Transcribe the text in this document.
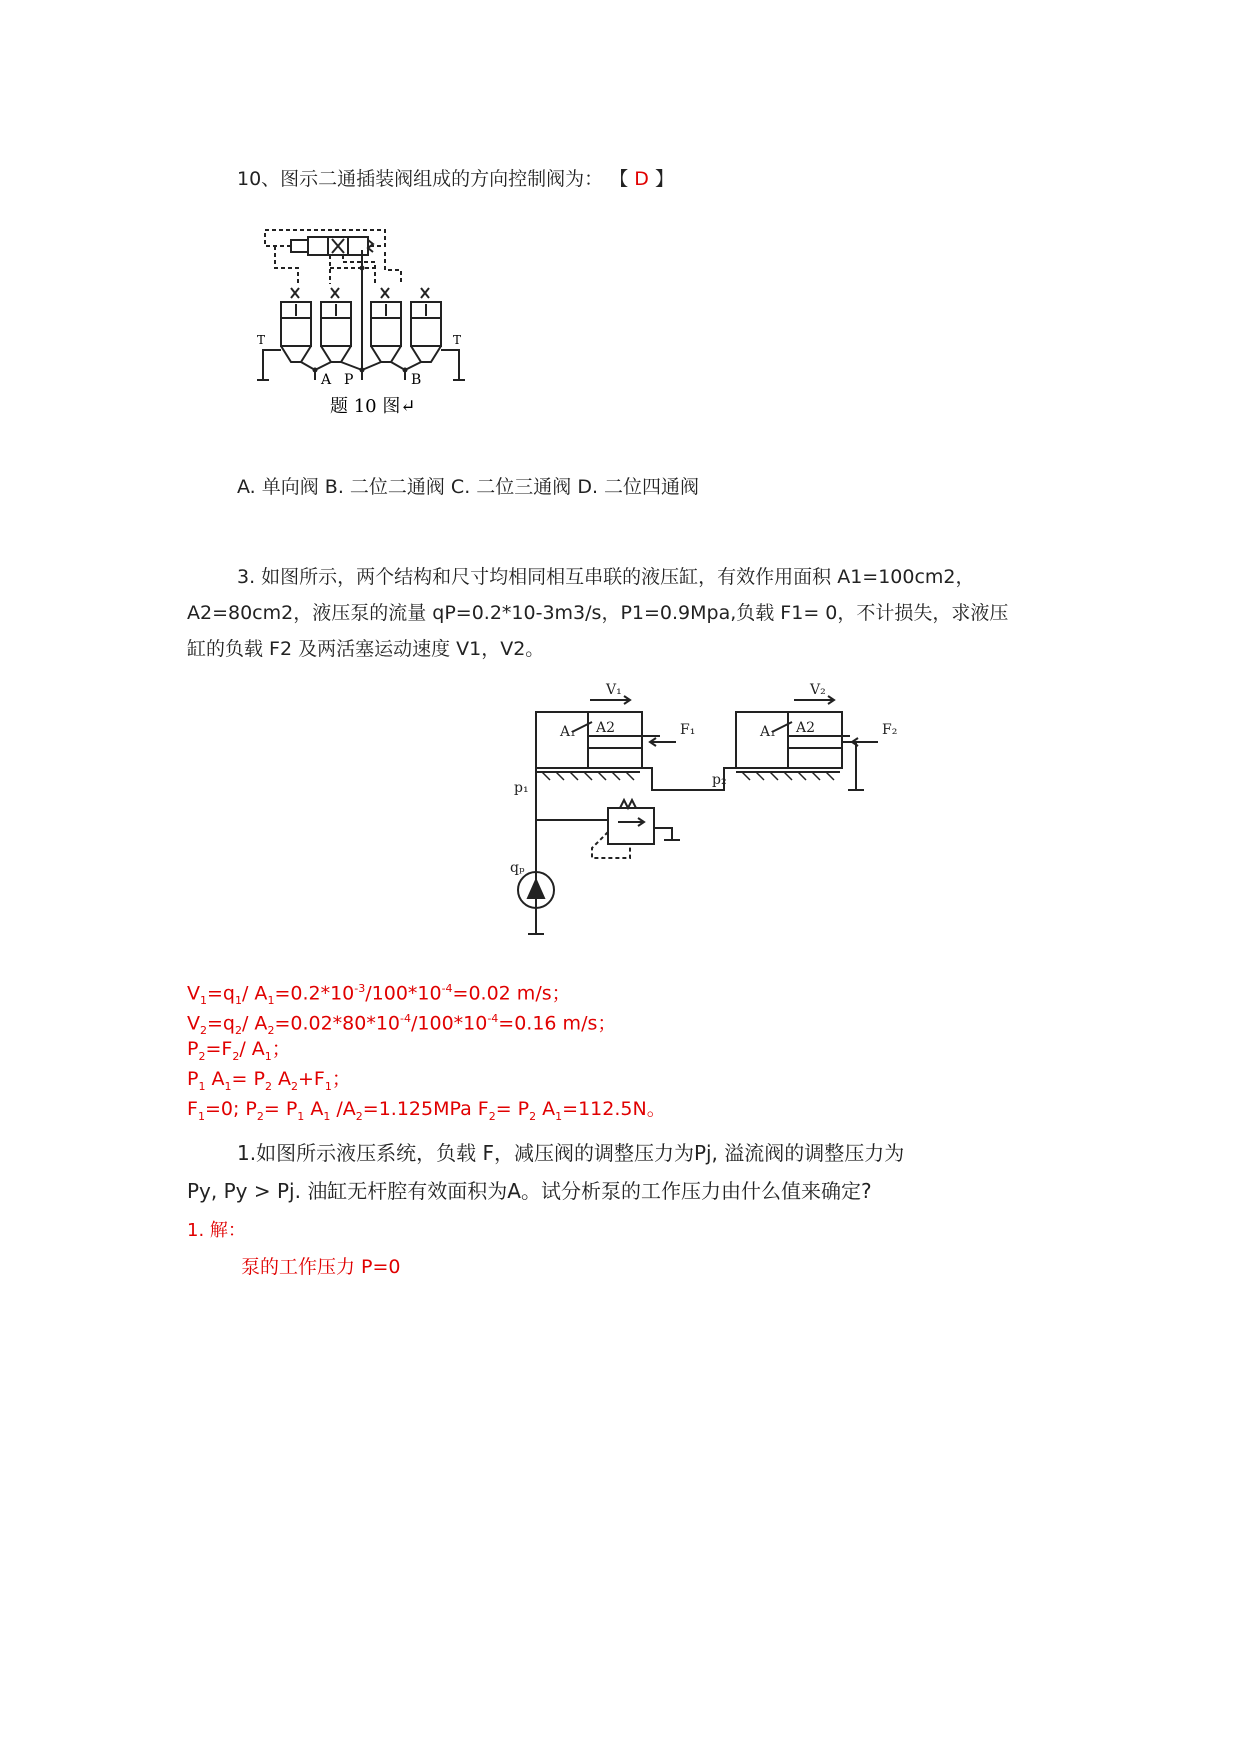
10、图示二通插装阀组成的方向控制阀为： 【 D 】
T	T
A P	B
题 10 图↵
A. 单向阀 B. 二位二通阀 C. 二位三通阀 D. 二位四通阀
3. 如图所示，两个结构和尺寸均相同相互串联的液压缸，有效作用面积 A1=100cm2，
A2=80cm2，液压泵的流量 qP=0.2*10-3m3/s，P1=0.9Mpa,负载 F1= 0，不计损失，求液压
缸的负载 F2 及两活塞运动速度 V1，V2。
V₁	V₂
A₁ A2	A₁ A2
F₁	F₂
p₁	p₂
qₚ
$V_1=q_1/$ $A_1=0.2*10^{-3}/100*10^{-4}=0.02$ m/s；
$V_2=q_2/$ $A_2=0.02*80*10^{-4}/100*10^{-4}=0.16$ m/s；
$P_2=F_2/$ $A_1$；
$P_1$ $A_1= P_2$ $A_2+F_1$；
$F_1=0$; $P_2= P_1$ $A_1$ $/A_2=1.125MPa$ $F_2= P_2$ $A_1=112.5N$。
1.如图所示液压系统，负载 F，减压阀的调整压力为Pj, 溢流阀的调整压力为
Py, Py > Pj. 油缸无杆腔有效面积为A。试分析泵的工作压力由什么值来确定?
1. 解：
泵的工作压力 P=0
